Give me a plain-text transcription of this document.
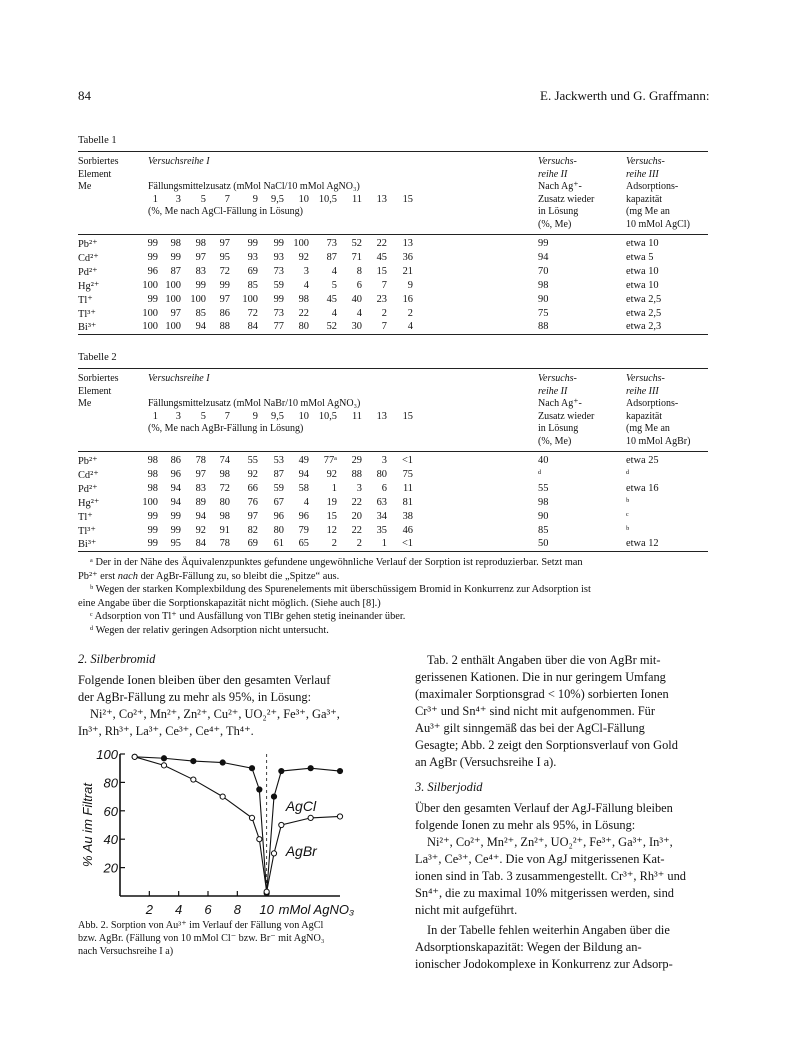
84	E. Jackwerth und G. Graffmann:
Tabelle 1
Sorbiertes
Element
Me
Versuchsreihe I
Fällungsmittelzusatz (mMol NaCl/10 mMol AgNO₃)
1 3 5 7 9 9,5 10 10,5 11 13 15
(%, Me nach AgCl-Fällung in Lösung)
Versuchs-
reihe II
Nach Ag⁺-
Zusatz wieder
in Lösung
(%, Me)
Versuchs-
reihe III
Adsorptions-
kapazität
(mg Me an
10 mMol AgCl)
Pb²⁺	99 98 98 97 99 99 100 73 52 22 13	99	etwa 10
Cd²⁺	99 99 97 95 93 93 92 87 71 45 36	94	etwa 5
Pd²⁺	96 87 83 72 69 73 3 4 8 15 21	70	etwa 10
Hg²⁺	100 100 99 99 85 59 4 5 6 7 9	98	etwa 10
Tl⁺	99 100 100 97 100 99 98 45 40 23 16	90	etwa 2,5
Tl³⁺	100 97 85 86 72 73 22 4 4 2 2	75	etwa 2,5
Bi³⁺	100 100 94 88 84 77 80 52 30 7 4	88	etwa 2,3
Tabelle 2
Sorbiertes
Element
Me
Versuchsreihe I
Fällungsmittelzusatz (mMol NaBr/10 mMol AgNO₃)
1 3 5 7 9 9,5 10 10,5 11 13 15
(%, Me nach AgBr-Fällung in Lösung)
Versuchs-
reihe II
Nach Ag⁺-
Zusatz wieder
in Lösung
(%, Me)
Versuchs-
reihe III
Adsorptions-
kapazität
(mg Me an
10 mMol AgBr)
Pb²⁺	98 86 78 74 55 53 49 77ᵃ 29 3 <1	40	etwa 25
Cd²⁺	98 96 97 98 92 87 94 92 88 80 75	ᵈ	ᵈ
Pd²⁺	98 94 83 72 66 59 58 1 3 6 11	55	etwa 16
Hg²⁺	100 94 89 80 76 67 4 19 22 63 81	98	ᵇ
Tl⁺	99 99 94 98 97 96 96 15 20 34 38	90	ᶜ
Tl³⁺	99 99 92 91 82 80 79 12 22 35 46	85	ᵇ
Bi³⁺	99 95 84 78 69 61 65 2 2 1 <1	50	etwa 12
ᵃ Der in der Nähe des Äquivalenzpunktes gefundene ungewöhnliche Verlauf der Sorption ist reproduzierbar. Setzt man
Pb²⁺ erst nach der AgBr-Fällung zu, so bleibt die „Spitze“ aus.
ᵇ Wegen der starken Komplexbildung des Spurenelements mit überschüssigem Bromid in Konkurrenz zur Adsorption ist
eine Angabe über die Sorptionskapazität nicht möglich. (Siehe auch [8].)
ᶜ Adsorption von Tl⁺ und Ausfällung von TlBr gehen stetig ineinander über.
ᵈ Wegen der relativ geringen Adsorption nicht untersucht.
2. Silberbromid
Folgende Ionen bleiben über den gesamten Verlauf
der AgBr-Fällung zu mehr als 95%, in Lösung:
Ni²⁺, Co²⁺, Mn²⁺, Zn²⁺, Cu²⁺, UO₂²⁺, Fe³⁺, Ga³⁺,
In³⁺, Rh³⁺, La³⁺, Ce³⁺, Ce⁴⁺, Th⁴⁺.
20
40
60
80
100
2 4 6 8 10 mMol AgNO₃
% Au im Filtrat	AgCl
AgBr
Abb. 2. Sorption von Au³⁺ im Verlauf der Fällung von AgCl
bzw. AgBr. (Fällung von 10 mMol Cl⁻ bzw. Br⁻ mit AgNO₃
nach Versuchsreihe I a)
Tab. 2 enthält Angaben über die von AgBr mit-
gerissenen Kationen. Die in nur geringem Umfang
(maximaler Sorptionsgrad < 10%) sorbierten Ionen
Cr³⁺ und Sn⁴⁺ sind nicht mit aufgenommen. Für
Au³⁺ gilt sinngemäß das bei der AgCl-Fällung
Gesagte; Abb. 2 zeigt den Sorptionsverlauf von Gold
an AgBr (Versuchsreihe I a).
3. Silberjodid
Über den gesamten Verlauf der AgJ-Fällung bleiben
folgende Ionen zu mehr als 95%, in Lösung:
Ni²⁺, Co²⁺, Mn²⁺, Zn²⁺, UO₂²⁺, Fe³⁺, Ga³⁺, In³⁺,
La³⁺, Ce³⁺, Ce⁴⁺. Die von AgJ mitgerissenen Kat-
ionen sind in Tab. 3 zusammengestellt. Cr³⁺, Rh³⁺ und
Sn⁴⁺, die zu maximal 10% mitgerissen werden, sind
nicht mit aufgeführt.
In der Tabelle fehlen weiterhin Angaben über die
Adsorptionskapazität: Wegen der Bildung an-
ionischer Jodokomplexe in Konkurrenz zur Adsorp-
